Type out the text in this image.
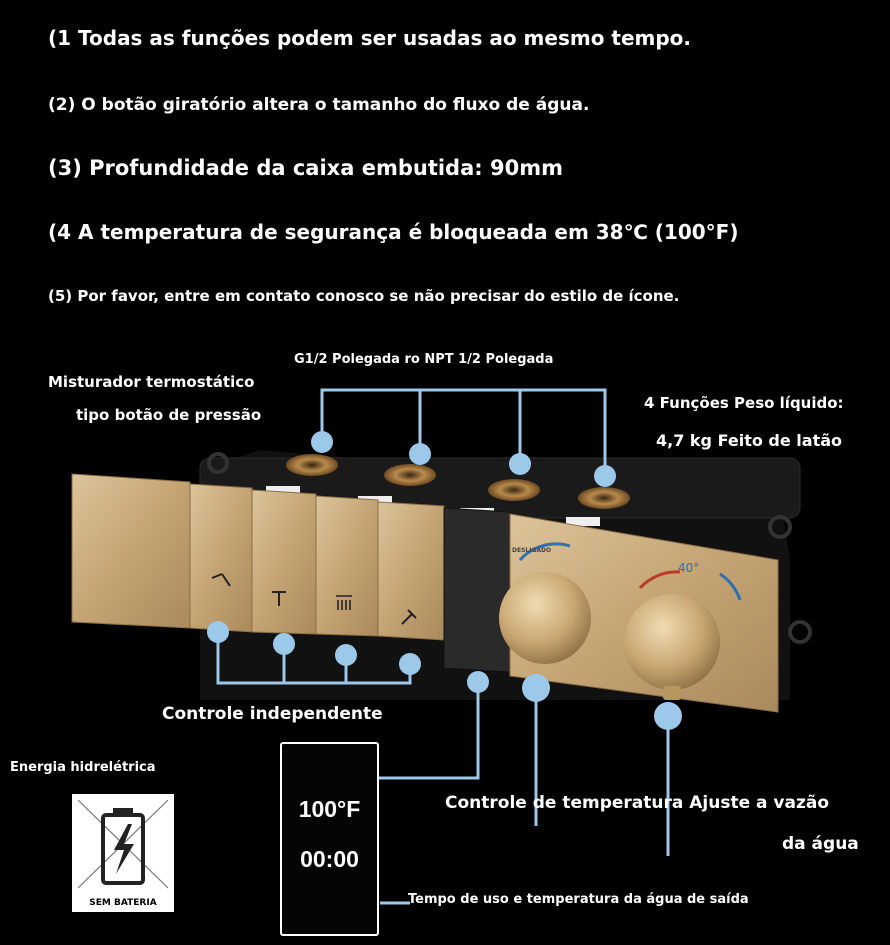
(1 Todas as funções podem ser usadas ao mesmo tempo.
(2) O botão giratório altera o tamanho do fluxo de água.
(3) Profundidade da caixa embutida: 90mm
(4 A temperatura de segurança é bloqueada em 38℃ (100°F)
(5) Por favor, entre em contato conosco se não precisar do estilo de ícone.
DESLIGADO
40°
G1/2 Polegada ro NPT 1/2 Polegada
Misturador termostático
tipo botão de pressão
4 Funções Peso líquido:
4,7 kg Feito de latão
Controle independente
Energia hidrelétrica
Controle de temperatura Ajuste a vazão
da água
Tempo de uso e temperatura da água de saída
100°F
00:00
SEM BATERIA
